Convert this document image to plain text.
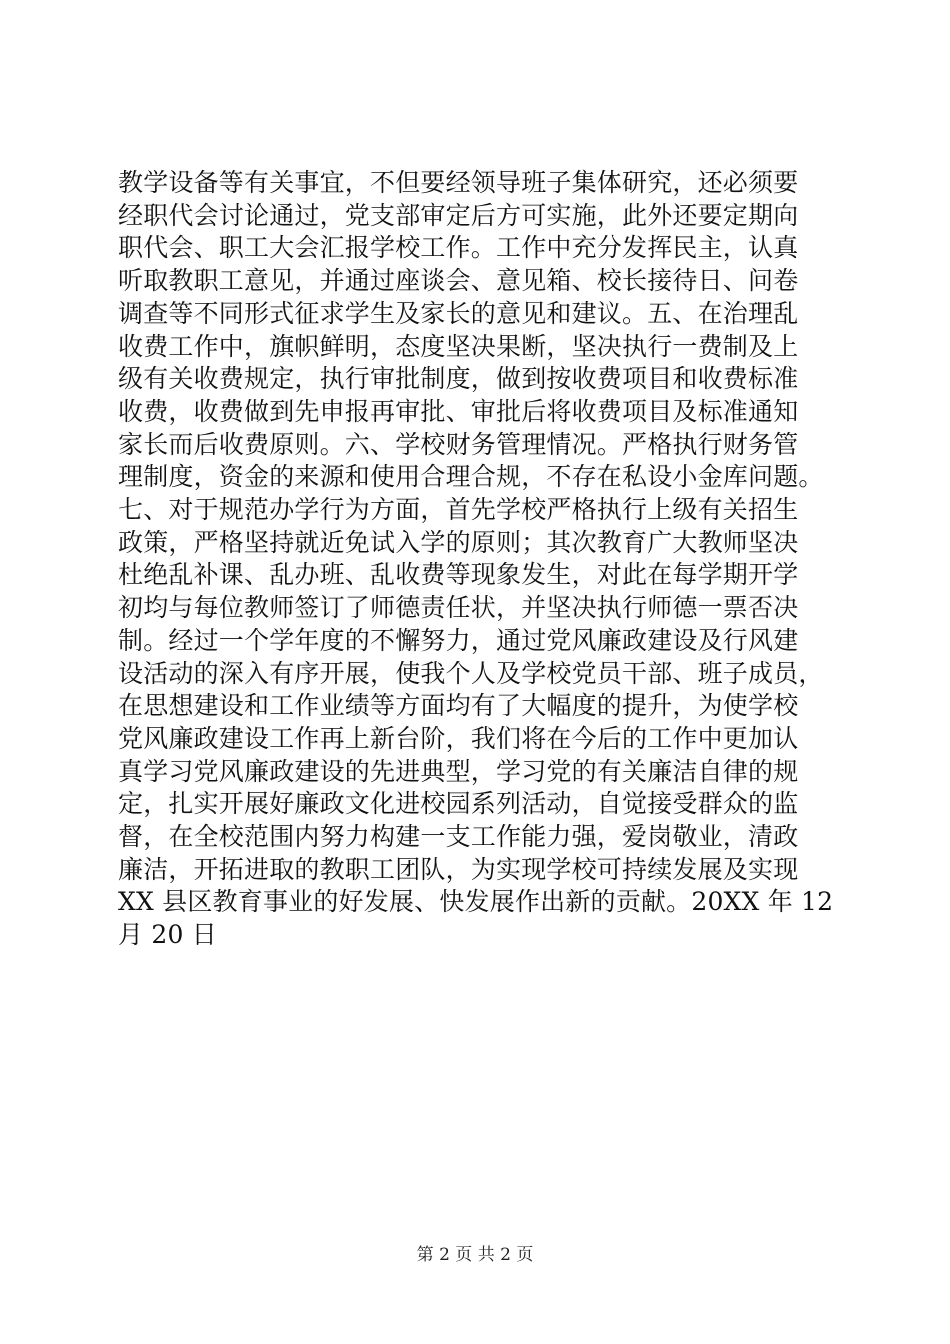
教学设备等有关事宜，不但要经领导班子集体研究，还必须要
经职代会讨论通过，党支部审定后方可实施，此外还要定期向
职代会、职工大会汇报学校工作。工作中充分发挥民主，认真
听取教职工意见，并通过座谈会、意见箱、校长接待日、问卷
调查等不同形式征求学生及家长的意见和建议。五、在治理乱
收费工作中，旗帜鲜明，态度坚决果断，坚决执行一费制及上
级有关收费规定，执行审批制度，做到按收费项目和收费标准
收费，收费做到先申报再审批、审批后将收费项目及标准通知
家长而后收费原则。六、学校财务管理情况。严格执行财务管
理制度，资金的来源和使用合理合规，不存在私设小金库问题。
七、对于规范办学行为方面，首先学校严格执行上级有关招生
政策，严格坚持就近免试入学的原则；其次教育广大教师坚决
杜绝乱补课、乱办班、乱收费等现象发生，对此在每学期开学
初均与每位教师签订了师德责任状，并坚决执行师德一票否决
制。经过一个学年度的不懈努力，通过党风廉政建设及行风建
设活动的深入有序开展，使我个人及学校党员干部、班子成员，
在思想建设和工作业绩等方面均有了大幅度的提升，为使学校
党风廉政建设工作再上新台阶，我们将在今后的工作中更加认
真学习党风廉政建设的先进典型，学习党的有关廉洁自律的规
定，扎实开展好廉政文化进校园系列活动，自觉接受群众的监
督，在全校范围内努力构建一支工作能力强，爱岗敬业，清政
廉洁，开拓进取的教职工团队，为实现学校可持续发展及实现
XX 县区教育事业的好发展、快发展作出新的贡献。20XX 年 12
月 20 日
第 2 页 共 2 页
